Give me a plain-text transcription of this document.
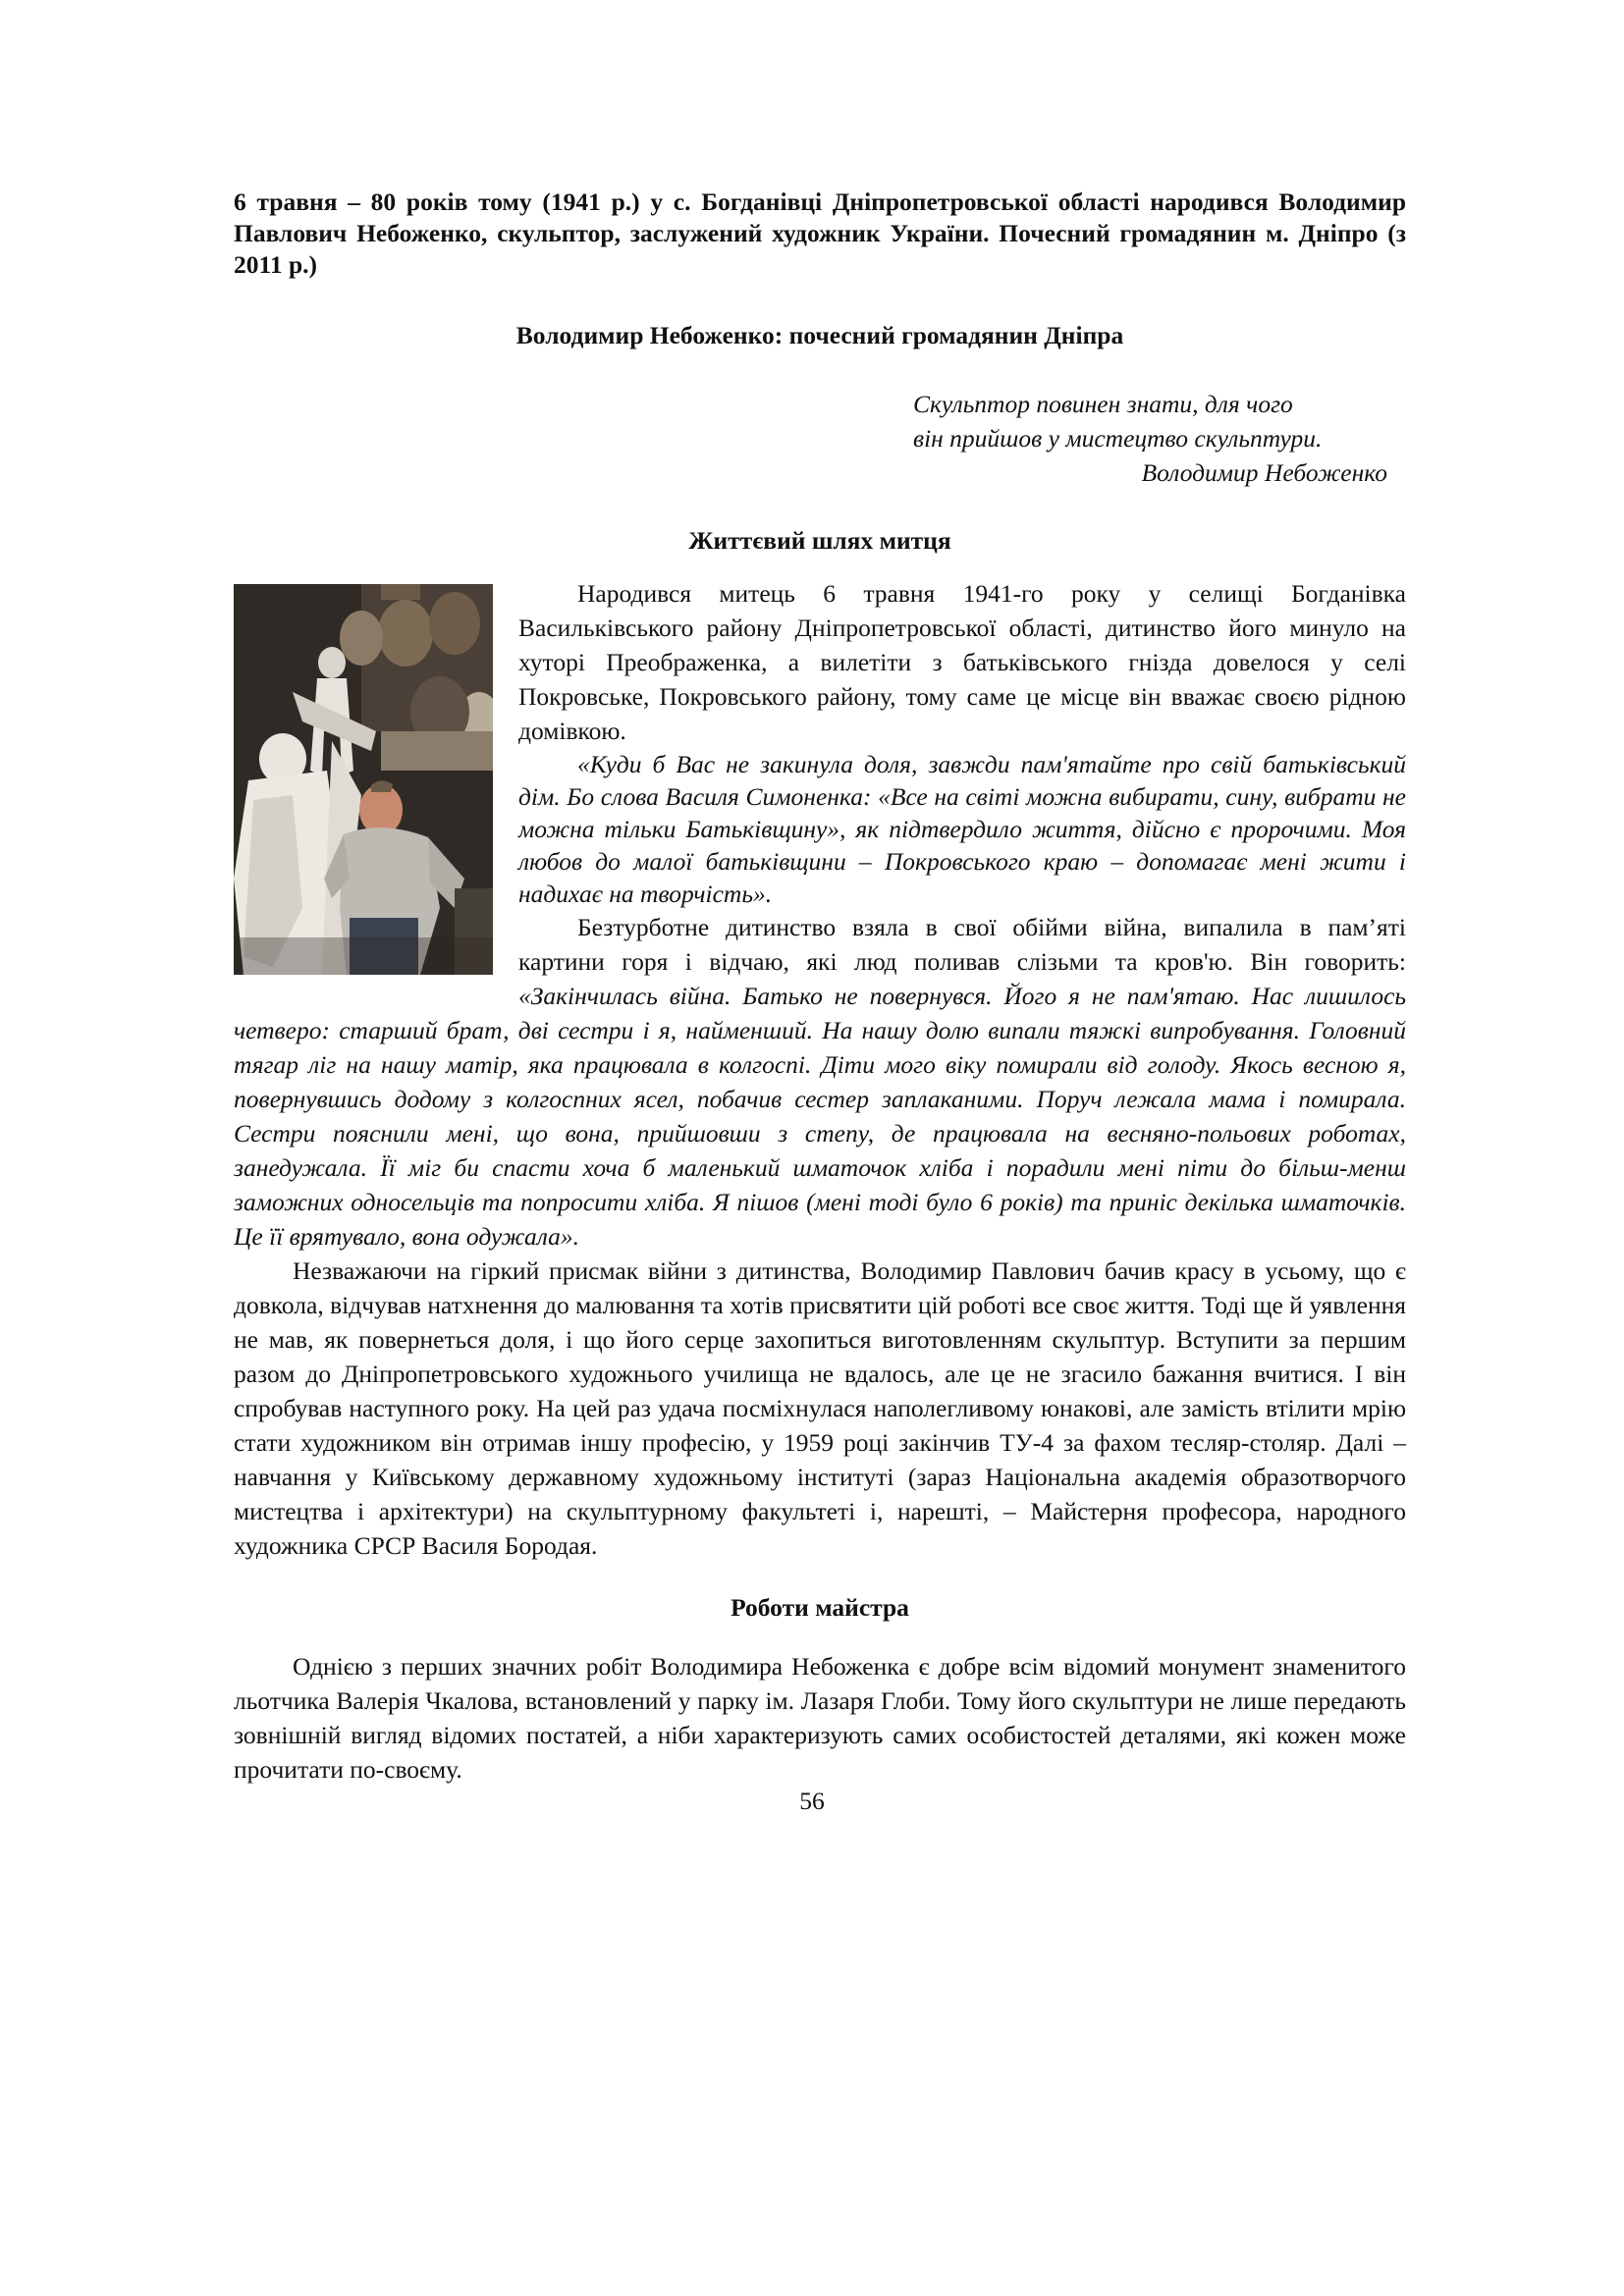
6 травня – 80 років тому (1941 р.) у с. Богданівці Дніпропетровської області народився Володимир Павлович Небоженко, скульптор, заслужений художник України. Почесний громадянин м. Дніпро (з 2011 р.)

Володимир Небоженко: почесний громадянин Дніпра
Скульптор повинен знати, для чого
він прийшов у мистецтво скульптури.
Володимир Небоженко
Життєвий шлях митця

Народився митець 6 травня 1941-го року у селищі Богданівка Васильківського району Дніпропетровської області, дитинство його минуло на хуторі Преображенка, а вилетіти з батьківського гнізда довелося у селі Покровське, Покровського району, тому саме це місце він вважає своєю рідною домівкою.

«Куди б Вас не закинула доля, завжди пам'ятайте про свій батьківський дім. Бо слова Василя Симоненка: «Все на світі можна вибирати, сину, вибрати не можна тільки Батьківщину», як підтвердило життя, дійсно є пророчими. Моя любов до малої батьківщини – Покровського краю – допомагає мені жити і надихає на творчість».

Безтурботне дитинство взяла в свої обійми війна, випалила в пам’яті картини горя і відчаю, які люд поливав слізьми та кров'ю. Він говорить: «Закінчилась війна. Батько не повернувся. Його я не пам'ятаю. Нас лишилось четверо: старший брат, дві сестри і я, найменший. На нашу долю випали тяжкі випробування. Головний тягар ліг на нашу матір, яка працювала в колгоспі. Діти мого віку помирали від голоду. Якось весною я, повернувшись додому з колгоспних ясел, побачив сестер заплаканими. Поруч лежала мама і помирала. Сестри пояснили мені, що вона, прийшовши з степу, де працювала на весняно-польових роботах, занедужала. Її міг би спасти хоча б маленький шматочок хліба і порадили мені піти до більш-менш заможних односельців та попросити хліба. Я пішов (мені тоді було 6 років) та приніс декілька шматочків. Це її врятувало, вона одужала».

Незважаючи на гіркий присмак війни з дитинства, Володимир Павлович бачив красу в усьому, що є довкола, відчував натхнення до малювання та хотів присвятити цій роботі все своє життя. Тоді ще й уявлення не мав, як повернеться доля, і що його серце захопиться виготовленням скульптур. Вступити за першим разом до Дніпропетровського художнього училища не вдалось, але це не згасило бажання вчитися. І він спробував наступного року. На цей раз удача посміхнулася наполегливому юнакові, але замість втілити мрію стати художником він отримав іншу професію, у 1959 році закінчив ТУ-4 за фахом тесляр-столяр. Далі – навчання у Київському державному художньому інституті (зараз Національна академія образотворчого мистецтва і архітектури) на скульптурному факультеті і, нарешті, – Майстерня професора, народного художника СРСР Василя Бородая.

Роботи майстра

Однією з перших значних робіт Володимира Небоженка є добре всім відомий монумент знаменитого льотчика Валерія Чкалова, встановлений у парку ім. Лазаря Глоби. Тому його скульптури не лише передають зовнішній вигляд відомих постатей, а ніби характеризують самих особистостей деталями, які кожен може прочитати по-своєму.

56
